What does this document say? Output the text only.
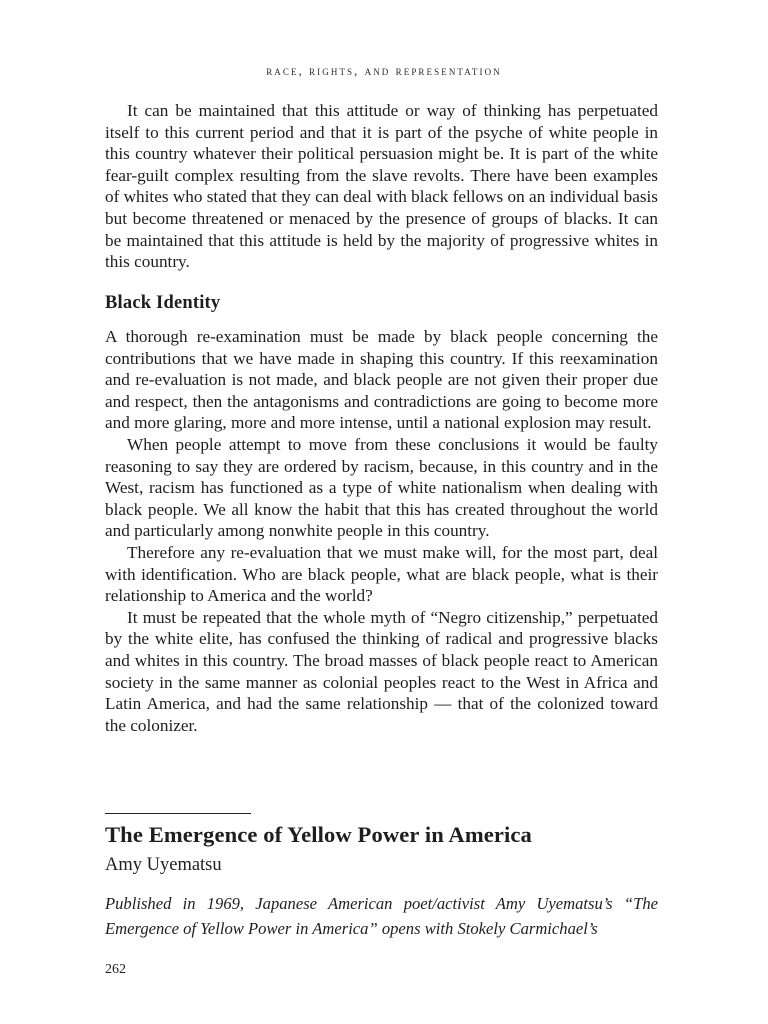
race, rights, and representation

It can be maintained that this attitude or way of thinking has perpetuated itself to this current period and that it is part of the psyche of white people in this country whatever their political persuasion might be. It is part of the white fear-guilt complex resulting from the slave revolts. There have been examples of whites who stated that they can deal with black fellows on an individual basis but become threatened or menaced by the presence of groups of blacks. It can be maintained that this attitude is held by the majority of progressive whites in this country.

Black Identity

A thorough re-examination must be made by black people concerning the contributions that we have made in shaping this country. If this reexamination and re-evaluation is not made, and black people are not given their proper due and respect, then the antagonisms and contradictions are going to become more and more glaring, more and more intense, until a national explosion may result.

When people attempt to move from these conclusions it would be faulty reasoning to say they are ordered by racism, because, in this country and in the West, racism has functioned as a type of white nationalism when dealing with black people. We all know the habit that this has created throughout the world and particularly among nonwhite people in this country.

Therefore any re-evaluation that we must make will, for the most part, deal with identification. Who are black people, what are black people, what is their relationship to America and the world?

It must be repeated that the whole myth of “Negro citizenship,” perpetuated by the white elite, has confused the thinking of radical and progressive blacks and whites in this country. The broad masses of black people react to American society in the same manner as colonial peoples react to the West in Africa and Latin America, and had the same relationship — that of the colonized toward the colonizer.

The Emergence of Yellow Power in America
Amy Uyematsu
Published in 1969, Japanese American poet/activist Amy Uyematsu’s “The Emergence of Yellow Power in America” opens with Stokely Carmichael’s
262
